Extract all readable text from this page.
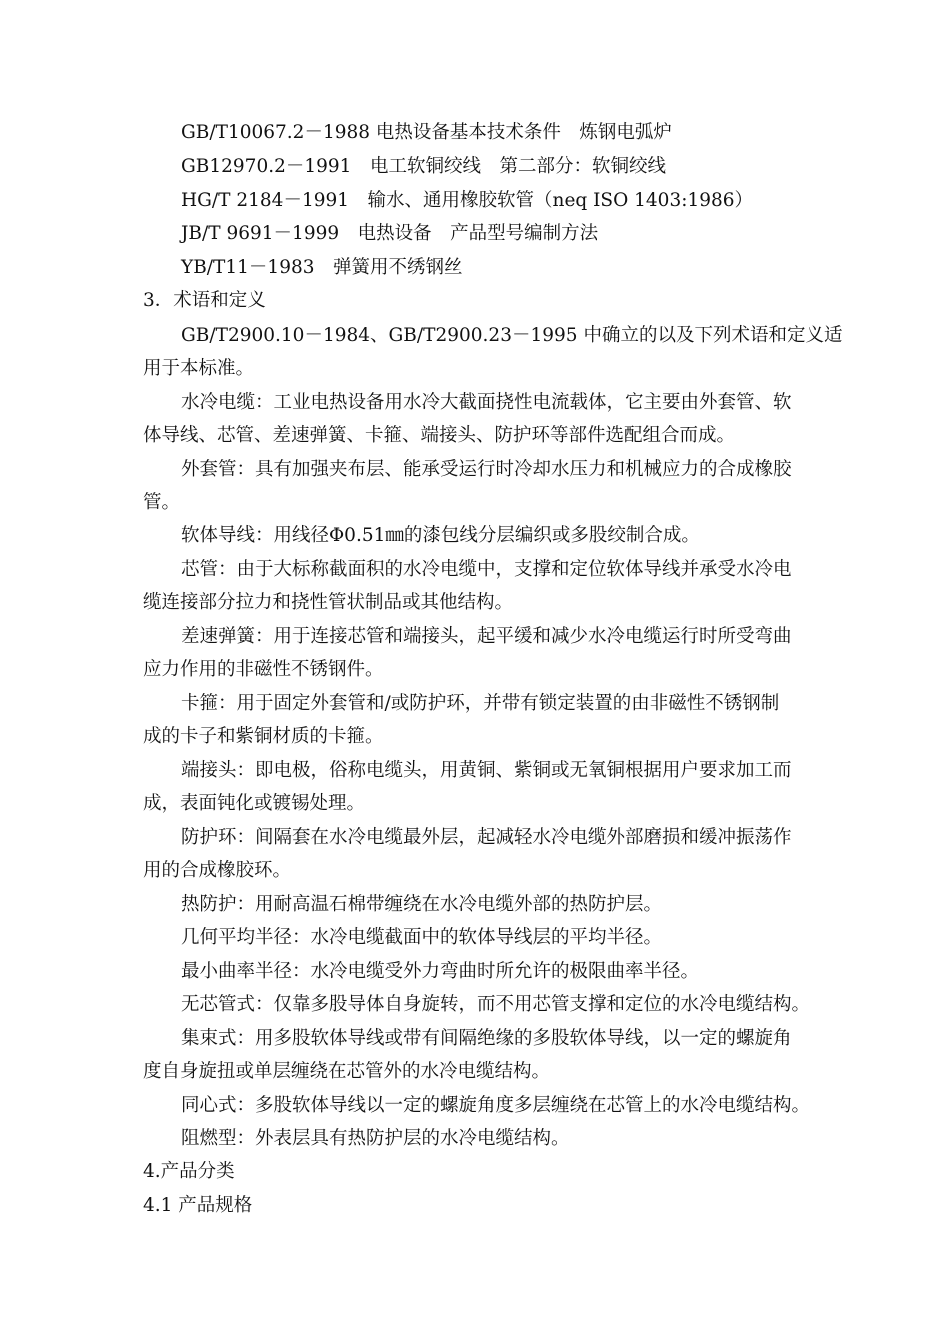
GB/T10067.2－1988 电热设备基本技术条件　炼钢电弧炉

GB12970.2－1991　电工软铜绞线　第二部分：软铜绞线

HG/T 2184－1991　输水、通用橡胶软管（neq ISO 1403:1986）

JB/T 9691－1999　电热设备　产品型号编制方法

YB/T11－1983　弹簧用不绣钢丝

3．术语和定义

GB/T2900.10－1984、GB/T2900.23－1995 中确立的以及下列术语和定义适

用于本标准。

水冷电缆：工业电热设备用水冷大截面挠性电流载体，它主要由外套管、软

体导线、芯管、差速弹簧、卡箍、端接头、防护环等部件选配组合而成。

外套管：具有加强夹布层、能承受运行时冷却水压力和机械应力的合成橡胶

管。

软体导线：用线径Φ0.51㎜的漆包线分层编织或多股绞制合成。

芯管：由于大标称截面积的水冷电缆中，支撑和定位软体导线并承受水冷电

缆连接部分拉力和挠性管状制品或其他结构。

差速弹簧：用于连接芯管和端接头，起平缓和减少水冷电缆运行时所受弯曲

应力作用的非磁性不锈钢件。

卡箍：用于固定外套管和/或防护环，并带有锁定装置的由非磁性不锈钢制

成的卡子和紫铜材质的卡箍。

端接头：即电极，俗称电缆头，用黄铜、紫铜或无氧铜根据用户要求加工而

成，表面钝化或镀锡处理。

防护环：间隔套在水冷电缆最外层，起减轻水冷电缆外部磨损和缓冲振荡作

用的合成橡胶环。

热防护：用耐高温石棉带缠绕在水冷电缆外部的热防护层。

几何平均半径：水冷电缆截面中的软体导线层的平均半径。

最小曲率半径：水冷电缆受外力弯曲时所允许的极限曲率半径。

无芯管式：仅靠多股导体自身旋转，而不用芯管支撑和定位的水冷电缆结构。

集束式：用多股软体导线或带有间隔绝缘的多股软体导线，以一定的螺旋角

度自身旋扭或单层缠绕在芯管外的水冷电缆结构。

同心式：多股软体导线以一定的螺旋角度多层缠绕在芯管上的水冷电缆结构。

阻燃型：外表层具有热防护层的水冷电缆结构。

4.产品分类

4.1 产品规格
